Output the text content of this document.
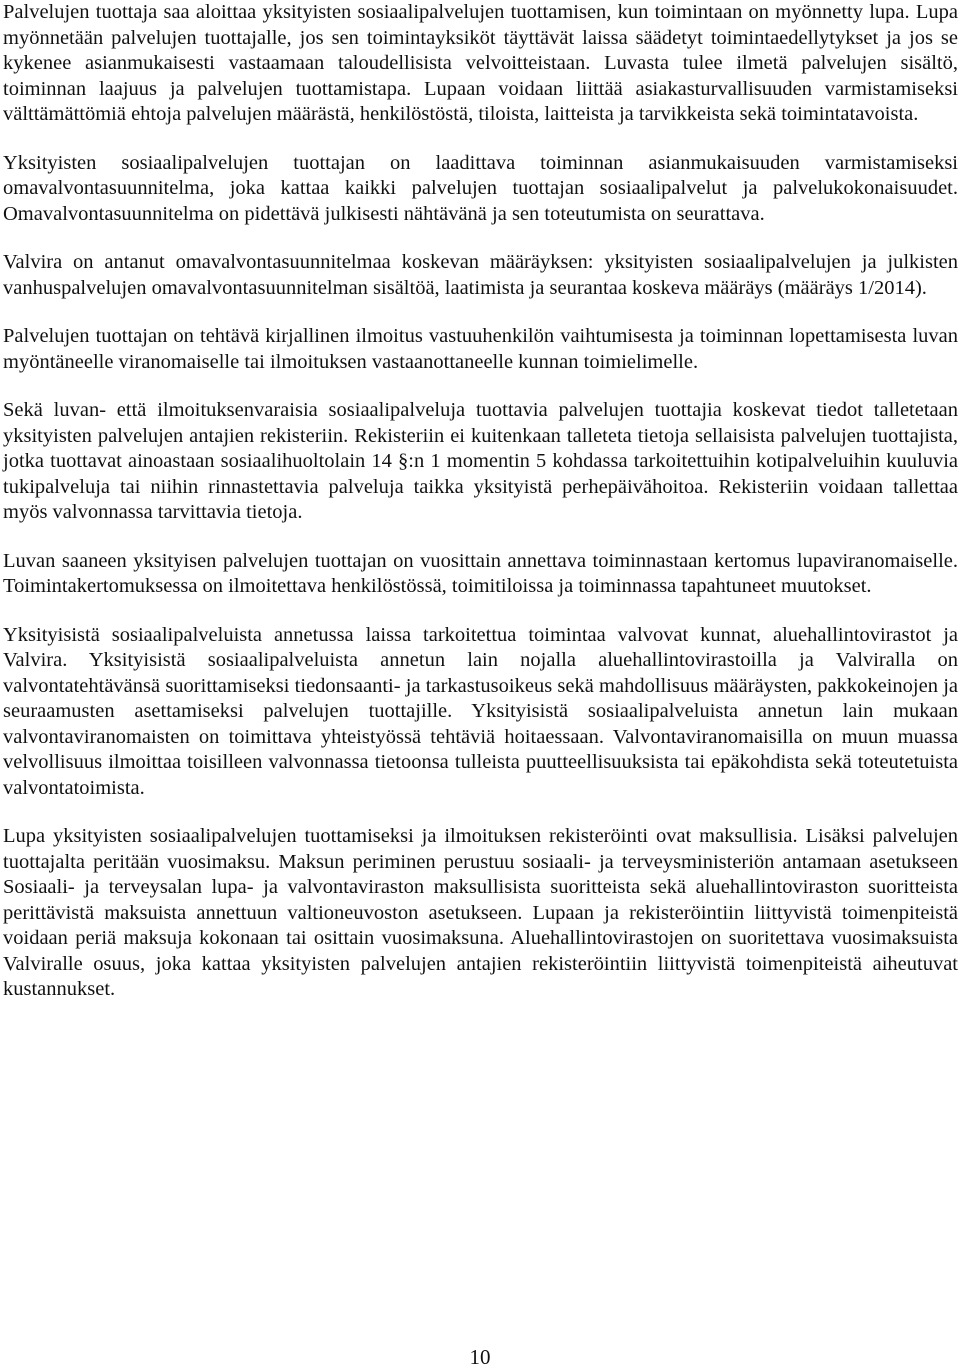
Palvelujen tuottaja saa aloittaa yksityisten sosiaalipalvelujen tuottamisen, kun toimintaan on myönnetty lupa. Lupa myönnetään palvelujen tuottajalle, jos sen toimintayksiköt täyttävät laissa säädetyt toimintaedellytykset ja jos se kykenee asianmukaisesti vastaamaan taloudellisista velvoitteistaan. Luvasta tulee ilmetä palvelujen sisältö, toiminnan laajuus ja palvelujen tuottamistapa. Lupaan voidaan liittää asiakasturvallisuuden varmistamiseksi välttämättömiä ehtoja palvelujen määrästä, henkilöstöstä, tiloista, laitteista ja tarvikkeista sekä toimintatavoista.

Yksityisten sosiaalipalvelujen tuottajan on laadittava toiminnan asianmukaisuuden varmistamiseksi omavalvontasuunnitelma, joka kattaa kaikki palvelujen tuottajan sosiaalipalvelut ja palvelukokonaisuudet. Omavalvontasuunnitelma on pidettävä julkisesti nähtävänä ja sen toteutumista on seurattava.

Valvira on antanut omavalvontasuunnitelmaa koskevan määräyksen: yksityisten sosiaalipalvelujen ja julkisten vanhuspalvelujen omavalvontasuunnitelman sisältöä, laatimista ja seurantaa koskeva määräys (määräys 1/2014).

Palvelujen tuottajan on tehtävä kirjallinen ilmoitus vastuuhenkilön vaihtumisesta ja toiminnan lopettamisesta luvan myöntäneelle viranomaiselle tai ilmoituksen vastaanottaneelle kunnan toimielimelle.

Sekä luvan- että ilmoituksenvaraisia sosiaalipalveluja tuottavia palvelujen tuottajia koskevat tiedot talletetaan yksityisten palvelujen antajien rekisteriin. Rekisteriin ei kuitenkaan talleteta tietoja sellaisista palvelujen tuottajista, jotka tuottavat ainoastaan sosiaalihuoltolain 14 §:n 1 momentin 5 kohdassa tarkoitettuihin kotipalveluihin kuuluvia tukipalveluja tai niihin rinnastettavia palveluja taikka yksityistä perhepäivähoitoa. Rekisteriin voidaan tallettaa myös valvonnassa tarvittavia tietoja.

Luvan saaneen yksityisen palvelujen tuottajan on vuosittain annettava toiminnastaan kertomus lupaviranomaiselle. Toimintakertomuksessa on ilmoitettava henkilöstössä, toimitiloissa ja toiminnassa tapahtuneet muutokset.

Yksityisistä sosiaalipalveluista annetussa laissa tarkoitettua toimintaa valvovat kunnat, aluehallintovirastot ja Valvira. Yksityisistä sosiaalipalveluista annetun lain nojalla aluehallintovirastoilla ja Valviralla on valvontatehtävänsä suorittamiseksi tiedonsaanti- ja tarkastusoikeus sekä mahdollisuus määräysten, pakkokeinojen ja seuraamusten asettamiseksi palvelujen tuottajille. Yksityisistä sosiaalipalveluista annetun lain mukaan valvontaviranomaisten on toimittava yhteistyössä tehtäviä hoitaessaan. Valvontaviranomaisilla on muun muassa velvollisuus ilmoittaa toisilleen valvonnassa tietoonsa tulleista puutteellisuuksista tai epäkohdista sekä toteutetuista valvontatoimista.

Lupa yksityisten sosiaalipalvelujen tuottamiseksi ja ilmoituksen rekisteröinti ovat maksullisia. Lisäksi palvelujen tuottajalta peritään vuosimaksu. Maksun periminen perustuu sosiaali- ja terveysministeriön antamaan asetukseen Sosiaali- ja terveysalan lupa- ja valvontaviraston maksullisista suoritteista sekä aluehallintoviraston suoritteista perittävistä maksuista annettuun valtioneuvoston asetukseen. Lupaan ja rekisteröintiin liittyvistä toimenpiteistä voidaan periä maksuja kokonaan tai osittain vuosimaksuna. Aluehallintovirastojen on suoritettava vuosimaksuista Valviralle osuus, joka kattaa yksityisten palvelujen antajien rekisteröintiin liittyvistä toimenpiteistä aiheutuvat kustannukset.

10
